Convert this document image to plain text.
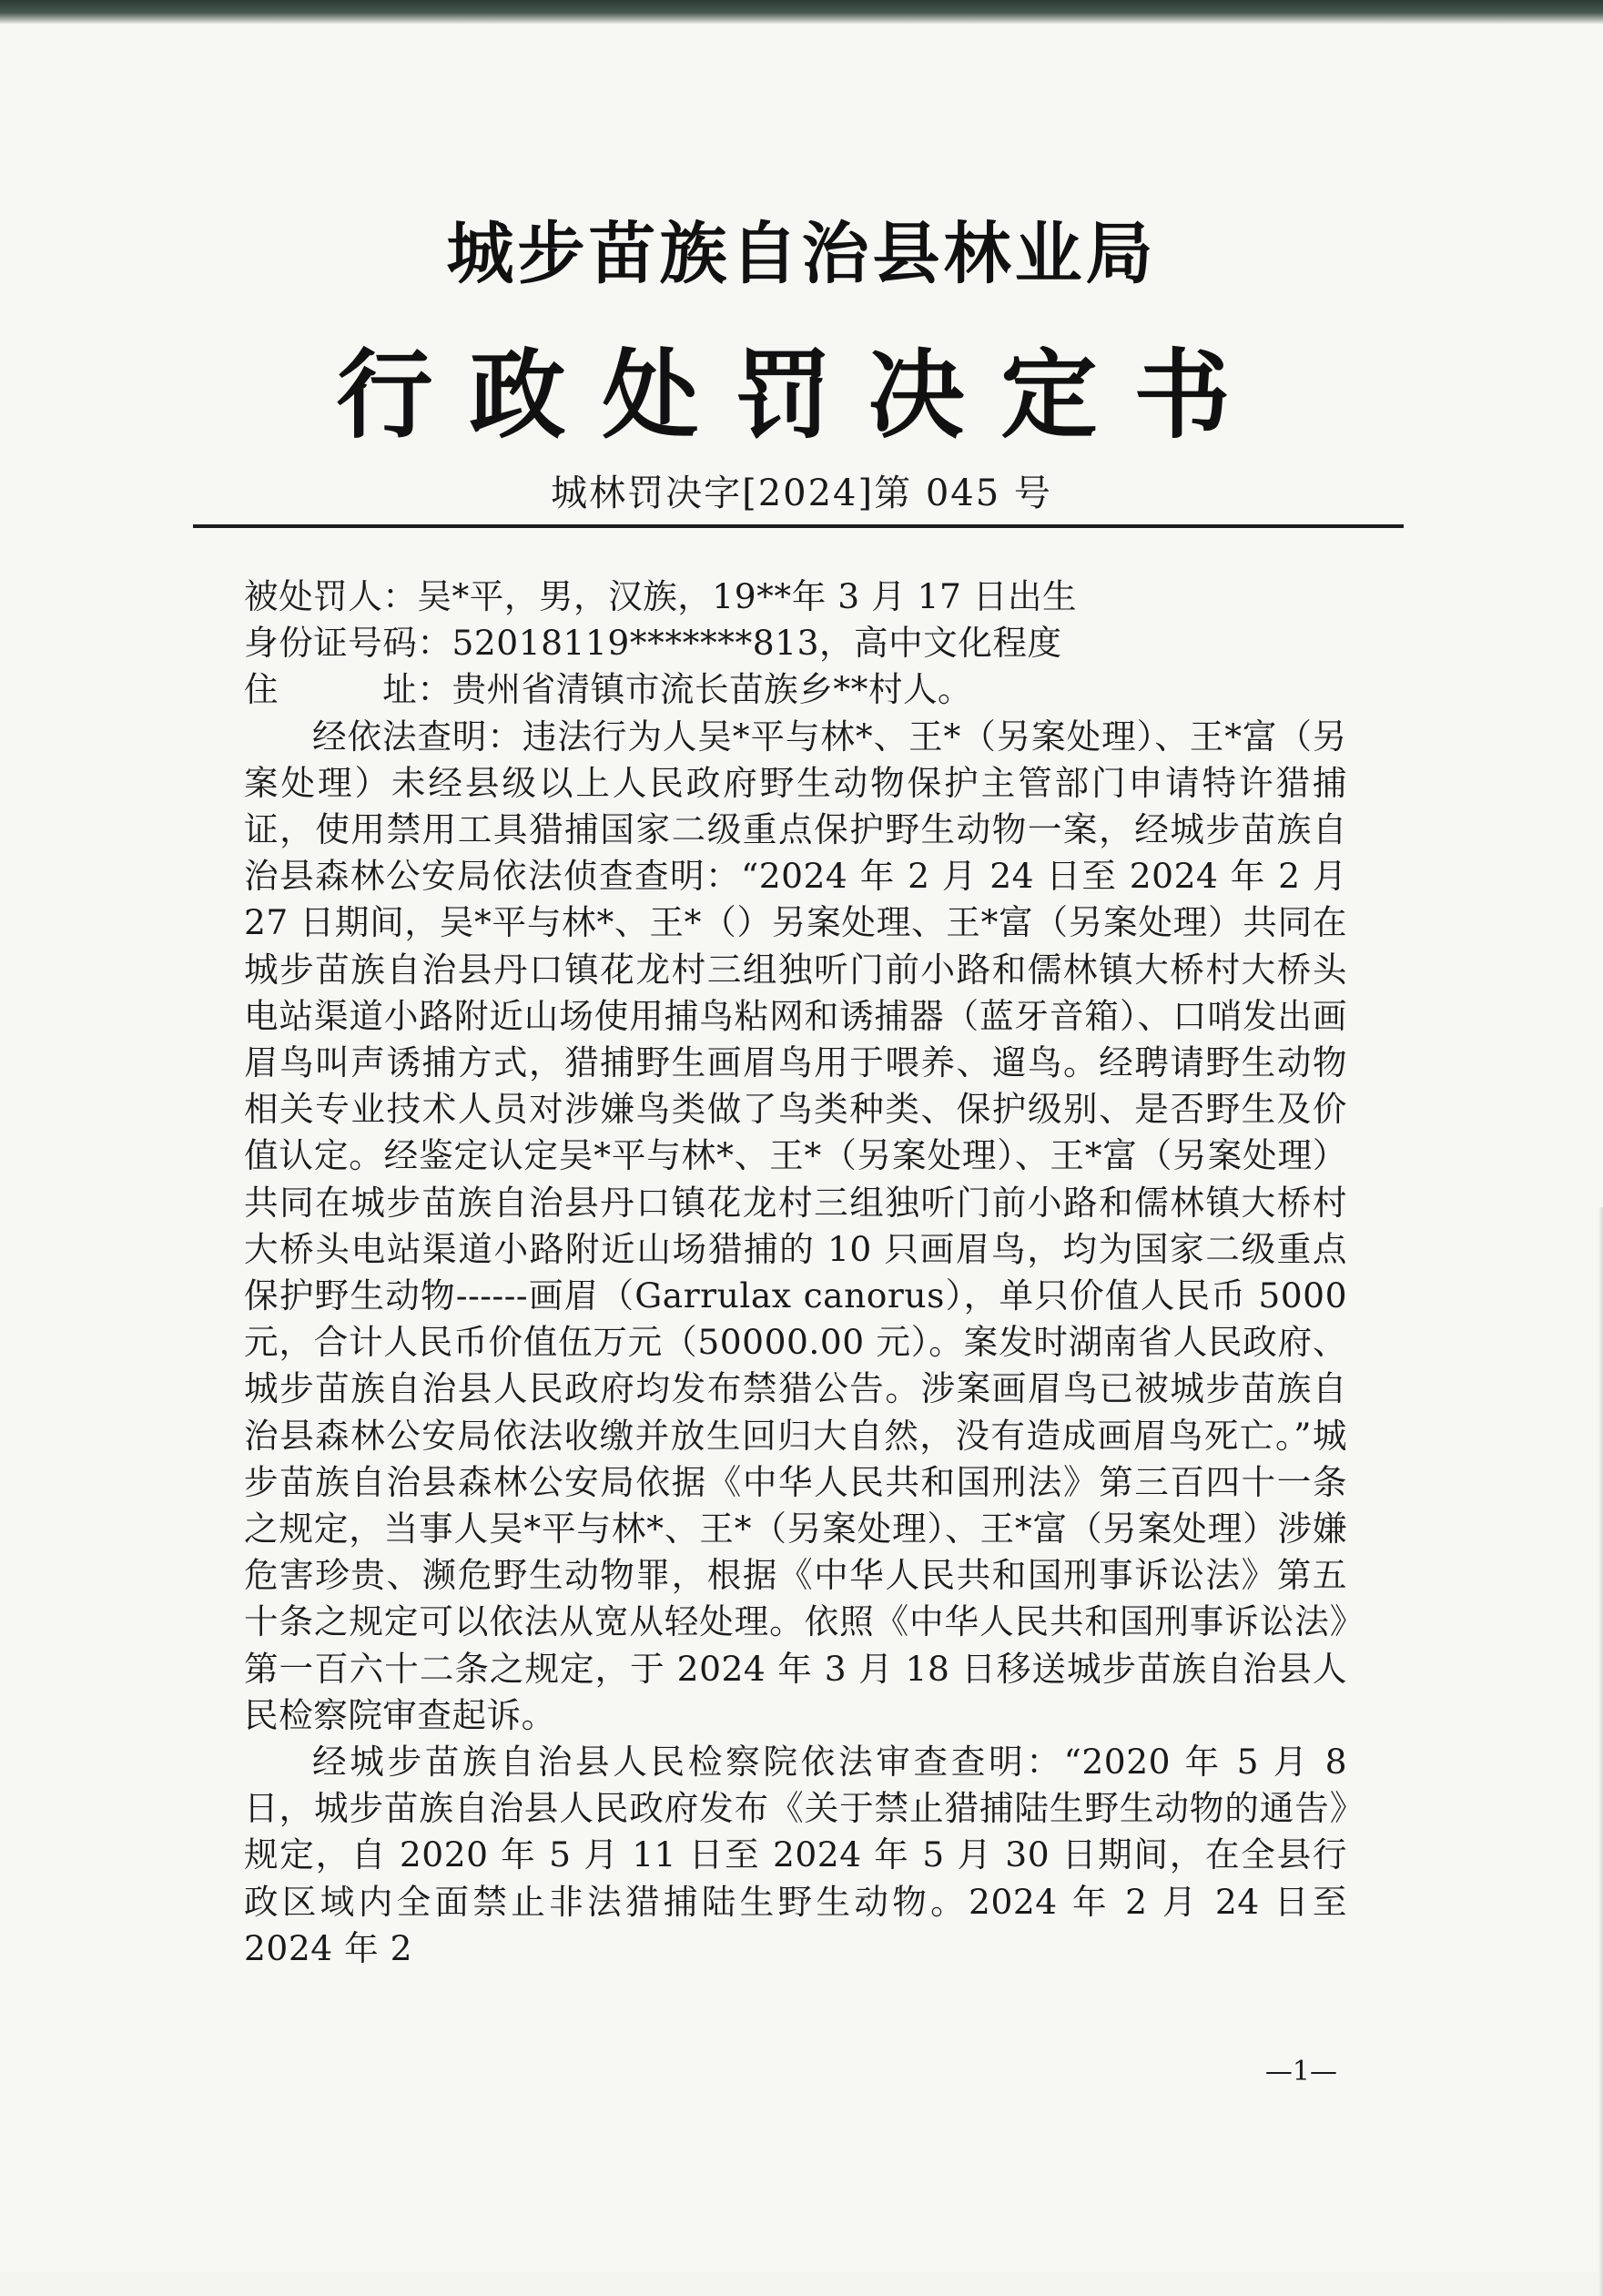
城步苗族自治县林业局
行政处罚决定书
城林罚决字[2024]第 045 号

被处罚人：吴*平，男，汉族，19**年 3 月 17 日出生

身份证号码：52018119*******813，高中文化程度

住　　　址：贵州省清镇市流长苗族乡**村人。

经依法查明：违法行为人吴*平与林*、王*（另案处理）、王*富（另案处理）未经县级以上人民政府野生动物保护主管部门申请特许猎捕证，使用禁用工具猎捕国家二级重点保护野生动物一案，经城步苗族自治县森林公安局依法侦查查明：“2024 年 2 月 24 日至 2024 年 2 月 27 日期间，吴*平与林*、王*（）另案处理、王*富（另案处理）共同在城步苗族自治县丹口镇花龙村三组独听门前小路和儒林镇大桥村大桥头电站渠道小路附近山场使用捕鸟粘网和诱捕器（蓝牙音箱）、口哨发出画眉鸟叫声诱捕方式，猎捕野生画眉鸟用于喂养、遛鸟。经聘请野生动物相关专业技术人员对涉嫌鸟类做了鸟类种类、保护级别、是否野生及价值认定。经鉴定认定吴*平与林*、王*（另案处理）、王*富（另案处理）共同在城步苗族自治县丹口镇花龙村三组独听门前小路和儒林镇大桥村大桥头电站渠道小路附近山场猎捕的 10 只画眉鸟，均为国家二级重点保护野生动物------画眉（Garrulax canorus），单只价值人民币 5000 元，合计人民币价值伍万元（50000.00 元）。案发时湖南省人民政府、城步苗族自治县人民政府均发布禁猎公告。涉案画眉鸟已被城步苗族自治县森林公安局依法收缴并放生回归大自然，没有造成画眉鸟死亡。”城步苗族自治县森林公安局依据《中华人民共和国刑法》第三百四十一条之规定，当事人吴*平与林*、王*（另案处理）、王*富（另案处理）涉嫌危害珍贵、濒危野生动物罪，根据《中华人民共和国刑事诉讼法》第五十条之规定可以依法从宽从轻处理。依照《中华人民共和国刑事诉讼法》第一百六十二条之规定，于 2024 年 3 月 18 日移送城步苗族自治县人民检察院审查起诉。

经城步苗族自治县人民检察院依法审查查明：“2020 年 5 月 8 日，城步苗族自治县人民政府发布《关于禁止猎捕陆生野生动物的通告》规定，自 2020 年 5 月 11 日至 2024 年 5 月 30 日期间，在全县行政区域内全面禁止非法猎捕陆生野生动物。2024 年 2 月 24 日至 2024 年 2

—1—
